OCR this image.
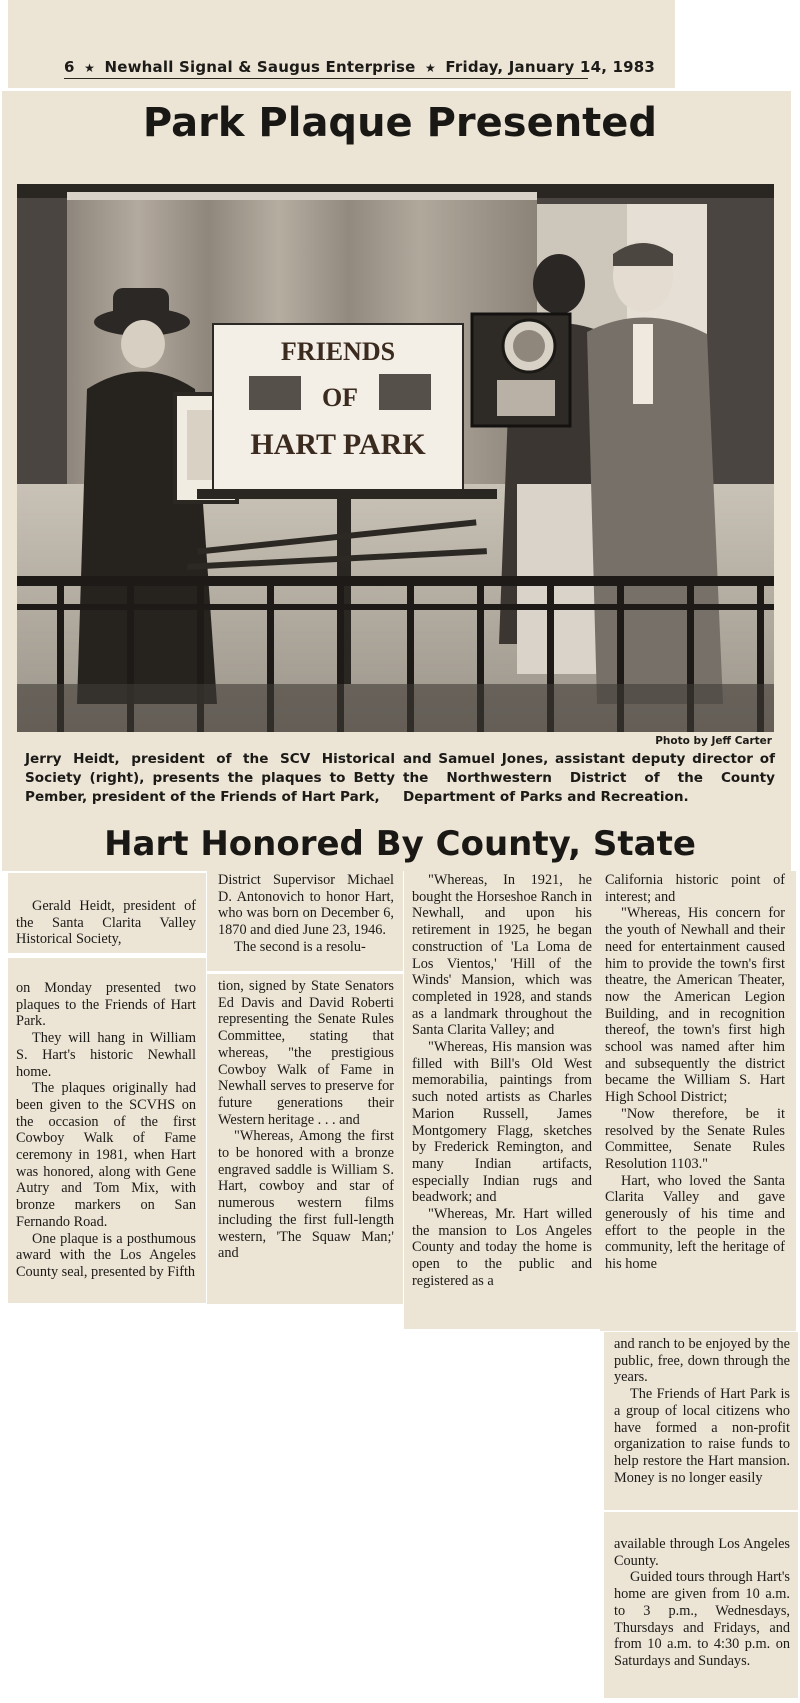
6 ★ Newhall Signal & Saugus Enterprise ★ Friday, January 14, 1983
Park Plaque Presented
FRIENDS
OF
HART PARK
Photo by Jeff Carter
Jerry Heidt, president of the SCV Historical Society (right), presents the plaques to Betty Pember, president of the Friends of Hart Park,
and Samuel Jones, assistant deputy director of the Northwestern District of the County Department of Parks and Recreation.
Hart Honored By County, State

Gerald Heidt, president of the Santa Clarita Valley Historical Society,

on Monday presented two plaques to the Friends of Hart Park.

They will hang in William S. Hart's historic Newhall home.

The plaques originally had been given to the SCVHS on the occasion of the first Cowboy Walk of Fame ceremony in 1981, when Hart was honored, along with Gene Autry and Tom Mix, with bronze markers on San Fernando Road.

One plaque is a posthumous award with the Los Angeles County seal, presented by Fifth

District Supervisor Michael D. Antonovich to honor Hart, who was born on December 6, 1870 and died June 23, 1946.

The second is a resolu-

tion, signed by State Senators Ed Davis and David Roberti representing the Senate Rules Committee, stating that whereas, "the prestigious Cowboy Walk of Fame in Newhall serves to preserve for future generations their Western heritage . . . and

"Whereas, Among the first to be honored with a bronze engraved saddle is William S. Hart, cowboy and star of numerous western films including the first full-length western, 'The Squaw Man;' and

"Whereas, In 1921, he bought the Horseshoe Ranch in Newhall, and upon his retirement in 1925, he began construction of 'La Loma de Los Vientos,' 'Hill of the Winds' Mansion, which was completed in 1928, and stands as a landmark throughout the Santa Clarita Valley; and

"Whereas, His mansion was filled with Bill's Old West memorabilia, paintings from such noted artists as Charles Marion Russell, James Montgomery Flagg, sketches by Frederick Remington, and many Indian artifacts, especially Indian rugs and beadwork; and

"Whereas, Mr. Hart willed the mansion to Los Angeles County and today the home is open to the public and registered as a

California historic point of interest; and

"Whereas, His concern for the youth of Newhall and their need for entertainment caused him to provide the town's first theatre, the American Theater, now the American Legion Building, and in recognition thereof, the town's first high school was named after him and subsequently the district became the William S. Hart High School District;

"Now therefore, be it resolved by the Senate Rules Committee, Senate Rules Resolution 1103."

Hart, who loved the Santa Clarita Valley and gave generously of his time and effort to the people in the community, left the heritage of his home

and ranch to be enjoyed by the public, free, down through the years.

The Friends of Hart Park is a group of local citizens who have formed a non-profit organization to raise funds to help restore the Hart mansion. Money is no longer easily

available through Los Angeles County.

Guided tours through Hart's home are given from 10 a.m. to 3 p.m., Wednesdays, Thursdays and Fridays, and from 10 a.m. to 4:30 p.m. on Saturdays and Sundays.
